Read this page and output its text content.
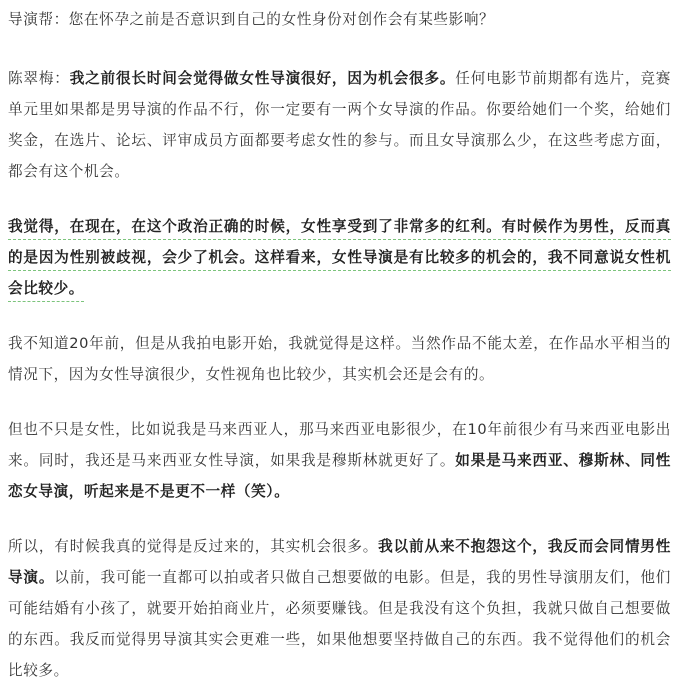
导演帮：您在怀孕之前是否意识到自己的女性身份对创作会有某些影响？

陈翠梅：我之前很长时间会觉得做女性导演很好，因为机会很多。任何电影节前期都有选片，竞赛单元里如果都是男导演的作品不行，你一定要有一两个女导演的作品。你要给她们一个奖，给她们奖金，在选片、论坛、评审成员方面都要考虑女性的参与。而且女导演那么少，在这些考虑方面，都会有这个机会。

我觉得，在现在，在这个政治正确的时候，女性享受到了非常多的红利。有时候作为男性，反而真的是因为性别被歧视，会少了机会。这样看来，女性导演是有比较多的机会的，我不同意说女性机会比较少。

我不知道20年前，但是从我拍电影开始，我就觉得是这样。当然作品不能太差，在作品水平相当的情况下，因为女性导演很少，女性视角也比较少，其实机会还是会有的。

但也不只是女性，比如说我是马来西亚人，那马来西亚电影很少，在10年前很少有马来西亚电影出来。同时，我还是马来西亚女性导演，如果我是穆斯林就更好了。如果是马来西亚、穆斯林、同性恋女导演，听起来是不是更不一样（笑）。

所以，有时候我真的觉得是反过来的，其实机会很多。我以前从来不抱怨这个，我反而会同情男性导演。以前，我可能一直都可以拍或者只做自己想要做的电影。但是，我的男性导演朋友们，他们可能结婚有小孩了，就要开始拍商业片，必须要赚钱。但是我没有这个负担，我就只做自己想要做的东西。我反而觉得男导演其实会更难一些，如果他想要坚持做自己的东西。我不觉得他们的机会比较多。
